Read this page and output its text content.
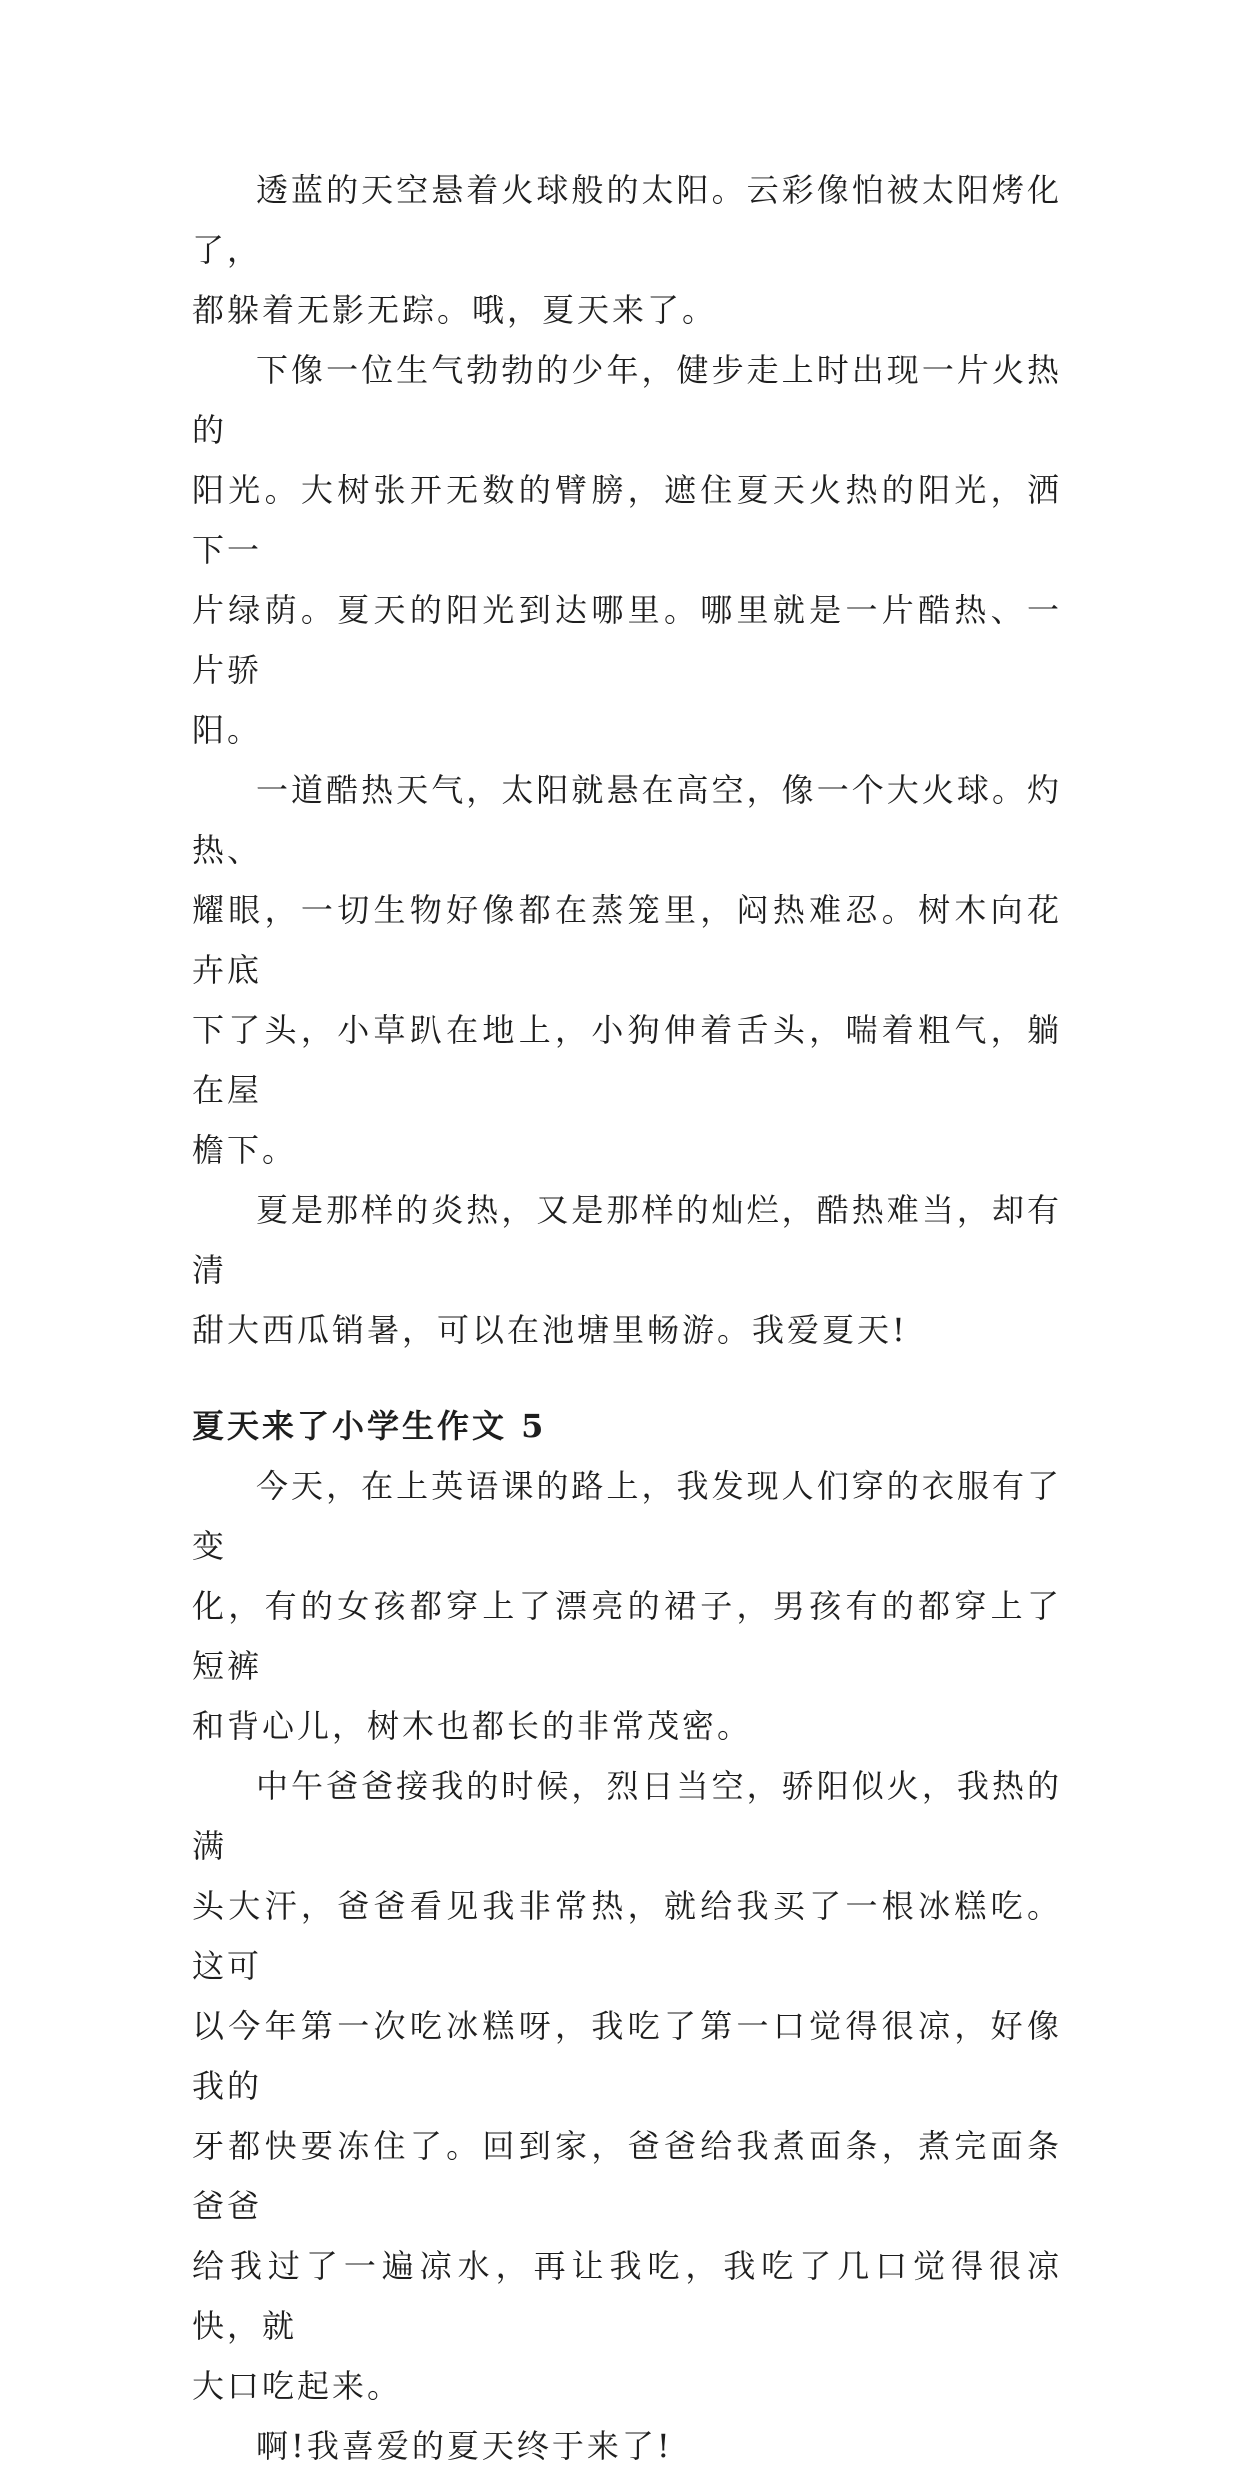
透蓝的天空悬着火球般的太阳。云彩像怕被太阳烤化了，
都躲着无影无踪。哦，夏天来了。

下像一位生气勃勃的少年，健步走上时出现一片火热的
阳光。大树张开无数的臂膀，遮住夏天火热的阳光，洒下一
片绿荫。夏天的阳光到达哪里。哪里就是一片酷热、一片骄
阳。

一道酷热天气，太阳就悬在高空，像一个大火球。灼热、
耀眼，一切生物好像都在蒸笼里，闷热难忍。树木向花卉底
下了头，小草趴在地上，小狗伸着舌头，喘着粗气，躺在屋
檐下。

夏是那样的炎热，又是那样的灿烂，酷热难当，却有清
甜大西瓜销暑，可以在池塘里畅游。我爱夏天!

夏天来了小学生作文 5

今天，在上英语课的路上，我发现人们穿的衣服有了变
化，有的女孩都穿上了漂亮的裙子，男孩有的都穿上了短裤
和背心儿，树木也都长的非常茂密。

中午爸爸接我的时候，烈日当空，骄阳似火，我热的满
头大汗，爸爸看见我非常热，就给我买了一根冰糕吃。这可
以今年第一次吃冰糕呀，我吃了第一口觉得很凉，好像我的
牙都快要冻住了。回到家，爸爸给我煮面条，煮完面条爸爸
给我过了一遍凉水，再让我吃，我吃了几口觉得很凉快，就
大口吃起来。

啊!我喜爱的夏天终于来了!
